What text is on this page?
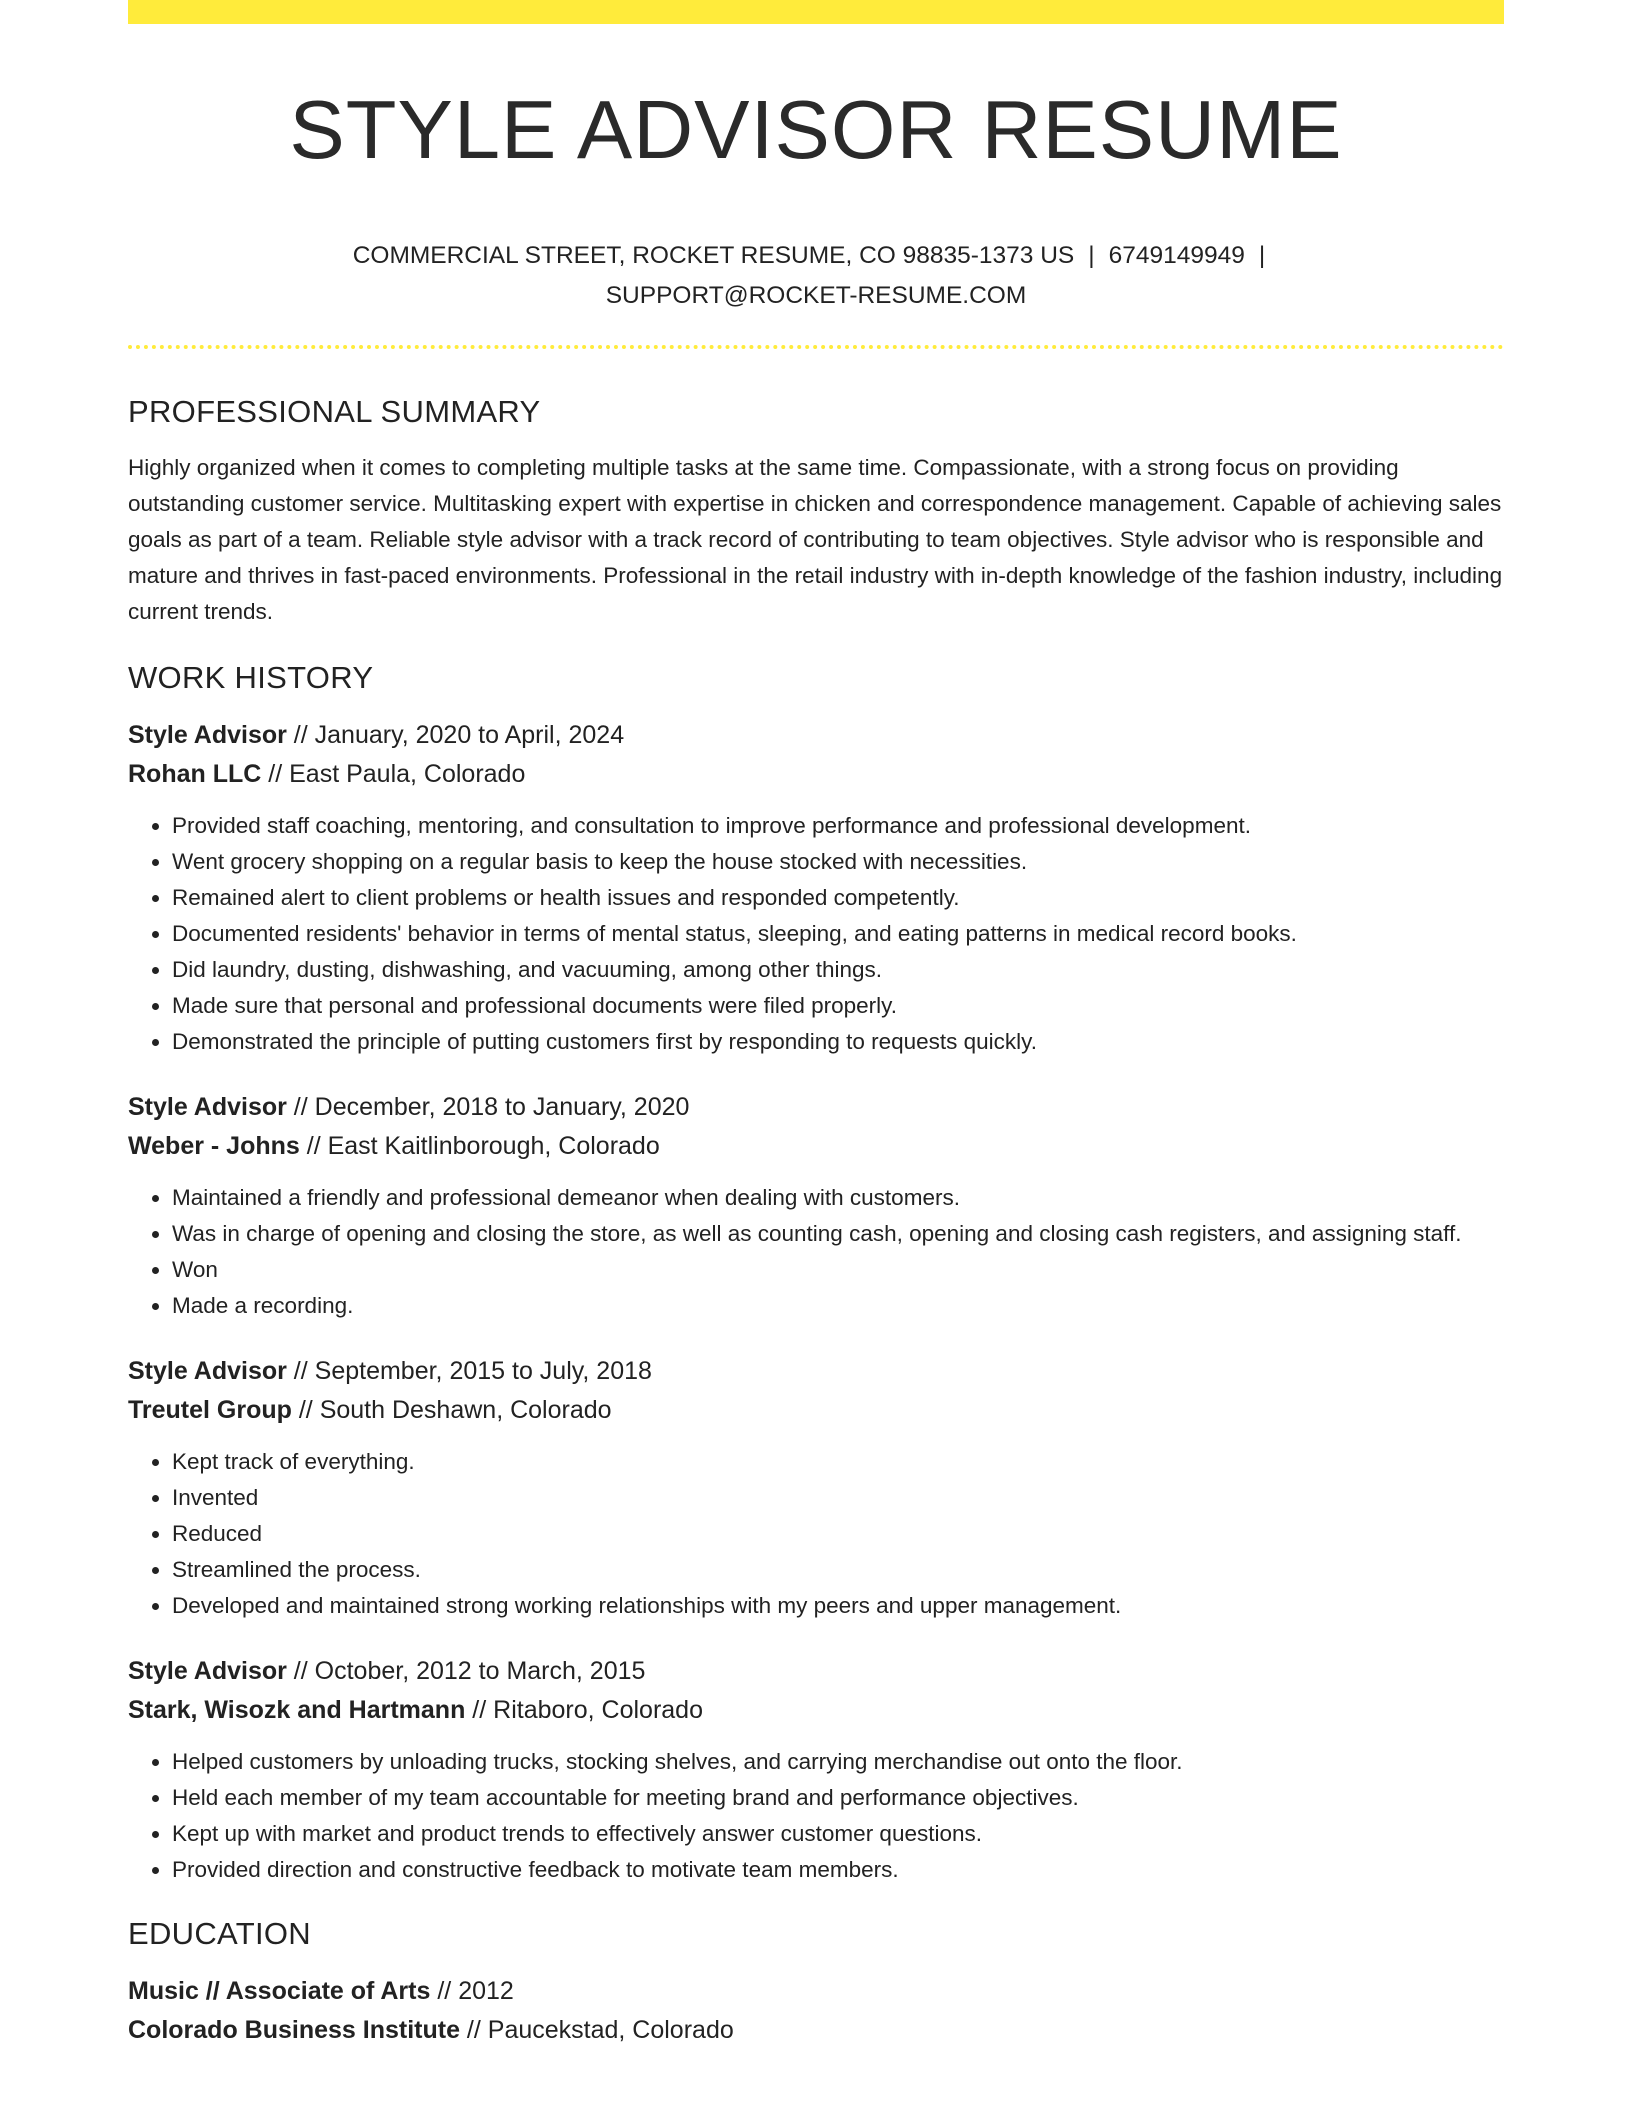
STYLE ADVISOR RESUME
COMMERCIAL STREET, ROCKET RESUME, CO 98835-1373 US | 6749149949 |
SUPPORT@ROCKET-RESUME.COM
PROFESSIONAL SUMMARY

Highly organized when it comes to completing multiple tasks at the same time. Compassionate, with a strong focus on providing outstanding customer service. Multitasking expert with expertise in chicken and correspondence management. Capable of achieving sales goals as part of a team. Reliable style advisor with a track record of contributing to team objectives. Style advisor who is responsible and mature and thrives in fast-paced environments. Professional in the retail industry with in-depth knowledge of the fashion industry, including current trends.

WORK HISTORY
Style Advisor // January, 2020 to April, 2024
Rohan LLC // East Paula, Colorado
• Provided staff coaching, mentoring, and consultation to improve performance and professional development.
• Went grocery shopping on a regular basis to keep the house stocked with necessities.
• Remained alert to client problems or health issues and responded competently.
• Documented residents' behavior in terms of mental status, sleeping, and eating patterns in medical record books.
• Did laundry, dusting, dishwashing, and vacuuming, among other things.
• Made sure that personal and professional documents were filed properly.
• Demonstrated the principle of putting customers first by responding to requests quickly.
Style Advisor // December, 2018 to January, 2020
Weber - Johns // East Kaitlinborough, Colorado
• Maintained a friendly and professional demeanor when dealing with customers.
• Was in charge of opening and closing the store, as well as counting cash, opening and closing cash registers, and assigning staff.
• Won
• Made a recording.
Style Advisor // September, 2015 to July, 2018
Treutel Group // South Deshawn, Colorado
• Kept track of everything.
• Invented
• Reduced
• Streamlined the process.
• Developed and maintained strong working relationships with my peers and upper management.
Style Advisor // October, 2012 to March, 2015
Stark, Wisozk and Hartmann // Ritaboro, Colorado
• Helped customers by unloading trucks, stocking shelves, and carrying merchandise out onto the floor.
• Held each member of my team accountable for meeting brand and performance objectives.
• Kept up with market and product trends to effectively answer customer questions.
• Provided direction and constructive feedback to motivate team members.
EDUCATION
Music // Associate of Arts // 2012
Colorado Business Institute // Paucekstad, Colorado
